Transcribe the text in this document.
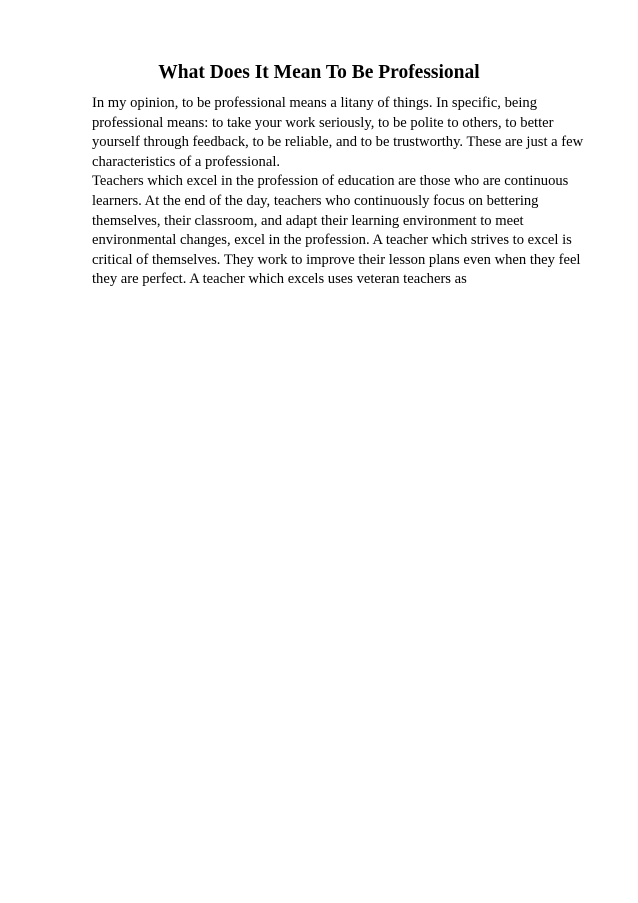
What Does It Mean To Be Professional

In my opinion, to be professional means a litany of things. In specific, being professional means: to take your work seriously, to be polite to others, to better yourself through feedback, to be reliable, and to be trustworthy. These are just a few characteristics of a professional.

Teachers which excel in the profession of education are those who are continuous learners. At the end of the day, teachers who continuously focus on bettering themselves, their classroom, and adapt their learning environment to meet environmental changes, excel in the profession. A teacher which strives to excel is critical of themselves. They work to improve their lesson plans even when they feel they are perfect. A teacher which excels uses veteran teachers as
